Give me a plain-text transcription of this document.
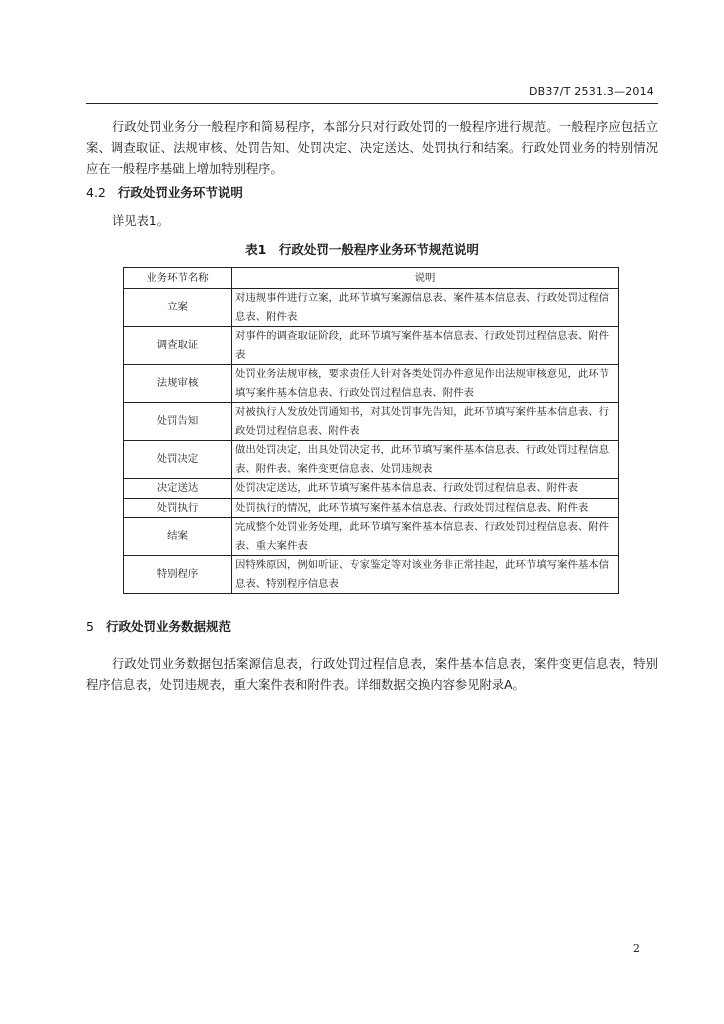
DB37/T 2531.3—2014

行政处罚业务分一般程序和简易程序，本部分只对行政处罚的一般程序进行规范。一般程序应包括立案、调查取证、法规审核、处罚告知、处罚决定、决定送达、处罚执行和结案。行政处罚业务的特别情况应在一般程序基础上增加特别程序。

4.2 行政处罚业务环节说明

详见表1。

表1　行政处罚一般程序业务环节规范说明

业务环节名称	说明
立案	对违规事件进行立案，此环节填写案源信息表、案件基本信息表、行政处罚过程信息表、附件表
调查取证	对事件的调查取证阶段，此环节填写案件基本信息表、行政处罚过程信息表、附件表
法规审核	处罚业务法规审核，要求责任人针对各类处罚办件意见作出法规审核意见，此环节填写案件基本信息表、行政处罚过程信息表、附件表
处罚告知	对被执行人发放处罚通知书，对其处罚事先告知，此环节填写案件基本信息表、行政处罚过程信息表、附件表
处罚决定	做出处罚决定，出具处罚决定书，此环节填写案件基本信息表、行政处罚过程信息表、附件表、案件变更信息表、处罚违规表
决定送达	处罚决定送达，此环节填写案件基本信息表、行政处罚过程信息表、附件表
处罚执行	处罚执行的情况，此环节填写案件基本信息表、行政处罚过程信息表、附件表
结案	完成整个处罚业务处理，此环节填写案件基本信息表、行政处罚过程信息表、附件表、重大案件表
特别程序	因特殊原因，例如听证、专家鉴定等对该业务非正常挂起，此环节填写案件基本信息表、特别程序信息表
5 行政处罚业务数据规范

行政处罚业务数据包括案源信息表，行政处罚过程信息表，案件基本信息表，案件变更信息表，特别程序信息表，处罚违规表，重大案件表和附件表。详细数据交换内容参见附录A。

2
